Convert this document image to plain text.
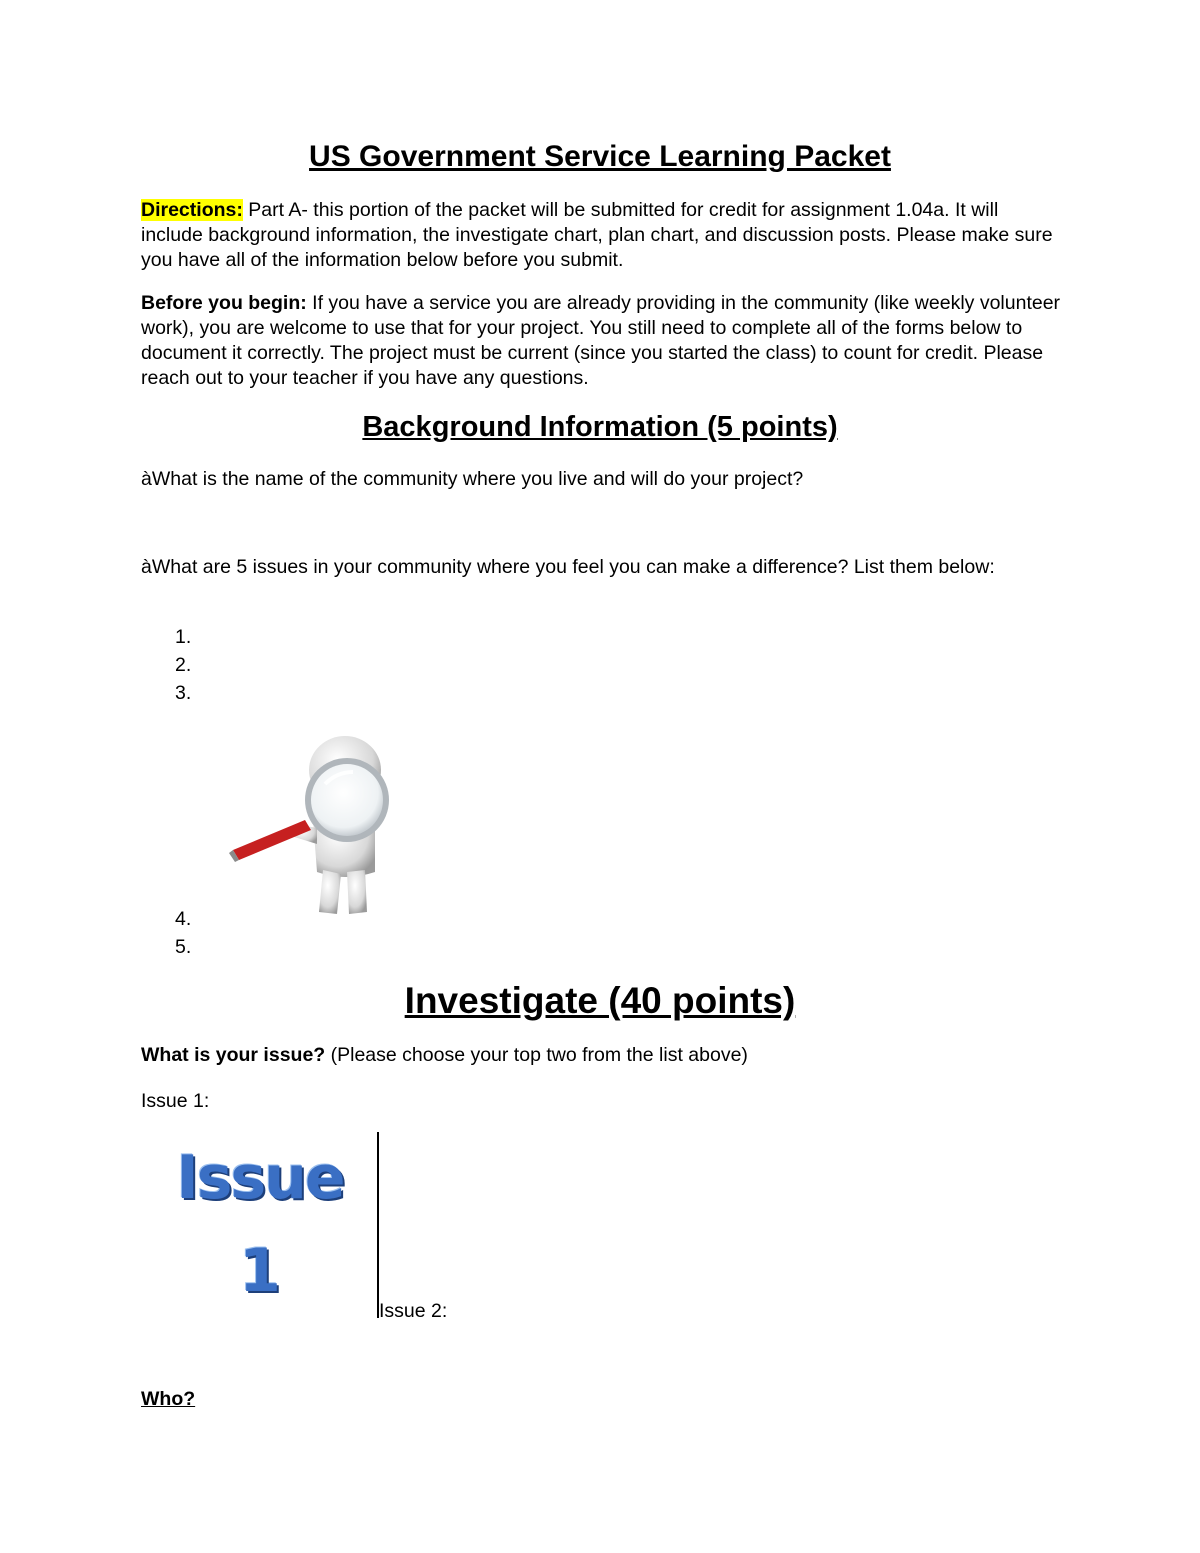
US Government Service Learning Packet
Directions: Part A- this portion of the packet will be submitted for credit for assignment 1.04a. It will include background information, the investigate chart, plan chart, and discussion posts. Please make sure you have all of the information below before you submit.
Before you begin: If you have a service you are already providing in the community (like weekly volunteer work), you are welcome to use that for your project. You still need to complete all of the forms below to document it correctly. The project must be current (since you started the class) to count for credit. Please reach out to your teacher if you have any questions.
Background Information (5 points)
àWhat is the name of the community where you live and will do your project?
àWhat are 5 issues in your community where you feel you can make a difference? List them below:
1.
2.
3.
4.
5.
Investigate (40 points)
What is your issue? (Please choose your top two from the list above)
Issue 1:
Issue
1
Issue 2:
Who?
